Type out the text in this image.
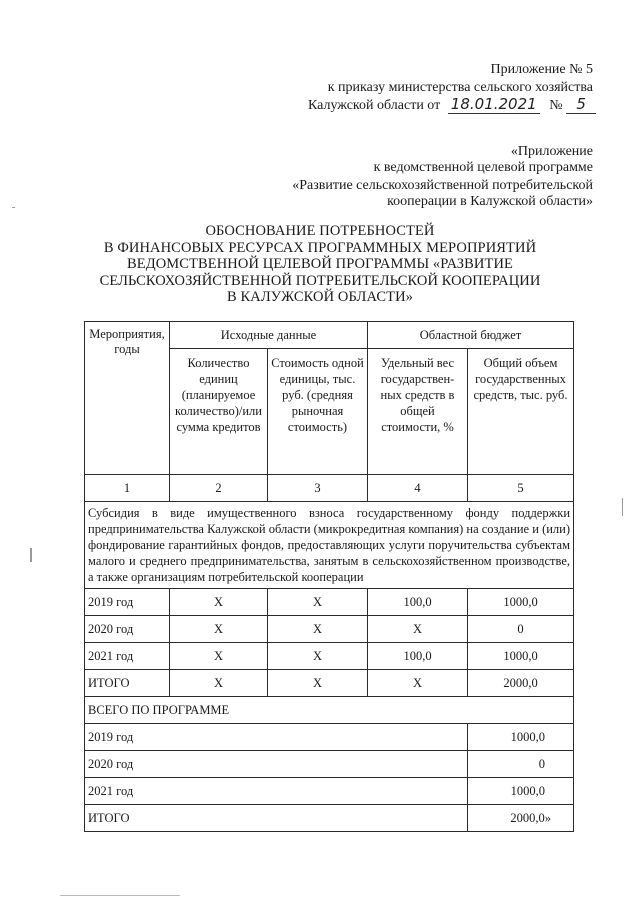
Приложение № 5
к приказу министерства сельского хозяйства
Калужской области от 18.01.2021 № 5
«Приложение
к ведомственной целевой программе
«Развитие сельскохозяйственной потребительской
кооперации в Калужской области»
ОБОСНОВАНИЕ ПОТРЕБНОСТЕЙ
В ФИНАНСОВЫХ РЕСУРСАХ ПРОГРАММНЫХ МЕРОПРИЯТИЙ
ВЕДОМСТВЕННОЙ ЦЕЛЕВОЙ ПРОГРАММЫ «РАЗВИТИЕ
СЕЛЬСКОХОЗЯЙСТВЕННОЙ ПОТРЕБИТЕЛЬСКОЙ КООПЕРАЦИИ
В КАЛУЖСКОЙ ОБЛАСТИ»
Мероприятия, годы	Исходные данные		Областной бюджет	
	Количество единиц (планируемое количество)/или сумма кредитов	Стоимость одной единицы, тыс. руб. (средняя рыночная стоимость)	Удельный вес государствен-ных средств в общей стоимости, %	Общий объем государственных средств, тыс. руб.
1	2	3	4	5
Субсидия в виде имущественного взноса государственному фонду поддержки предпринимательства Калужской области (микрокредитная компания) на создание и (или) фондирование гарантийных фондов, предоставляющих услуги поручительства субъектам малого и среднего предпринимательства, занятым в сельскохозяйственном производстве, а также организациям потребительской кооперации				
2019 год	Х	Х	100,0	1000,0
2020 год	Х	Х	Х	0
2021 год	Х	Х	100,0	1000,0
ИТОГО	Х	Х	Х	2000,0
ВСЕГО ПО ПРОГРАММЕ				
2019 год				1000,0
2020 год				0
2021 год				1000,0
ИТОГО				2000,0»
